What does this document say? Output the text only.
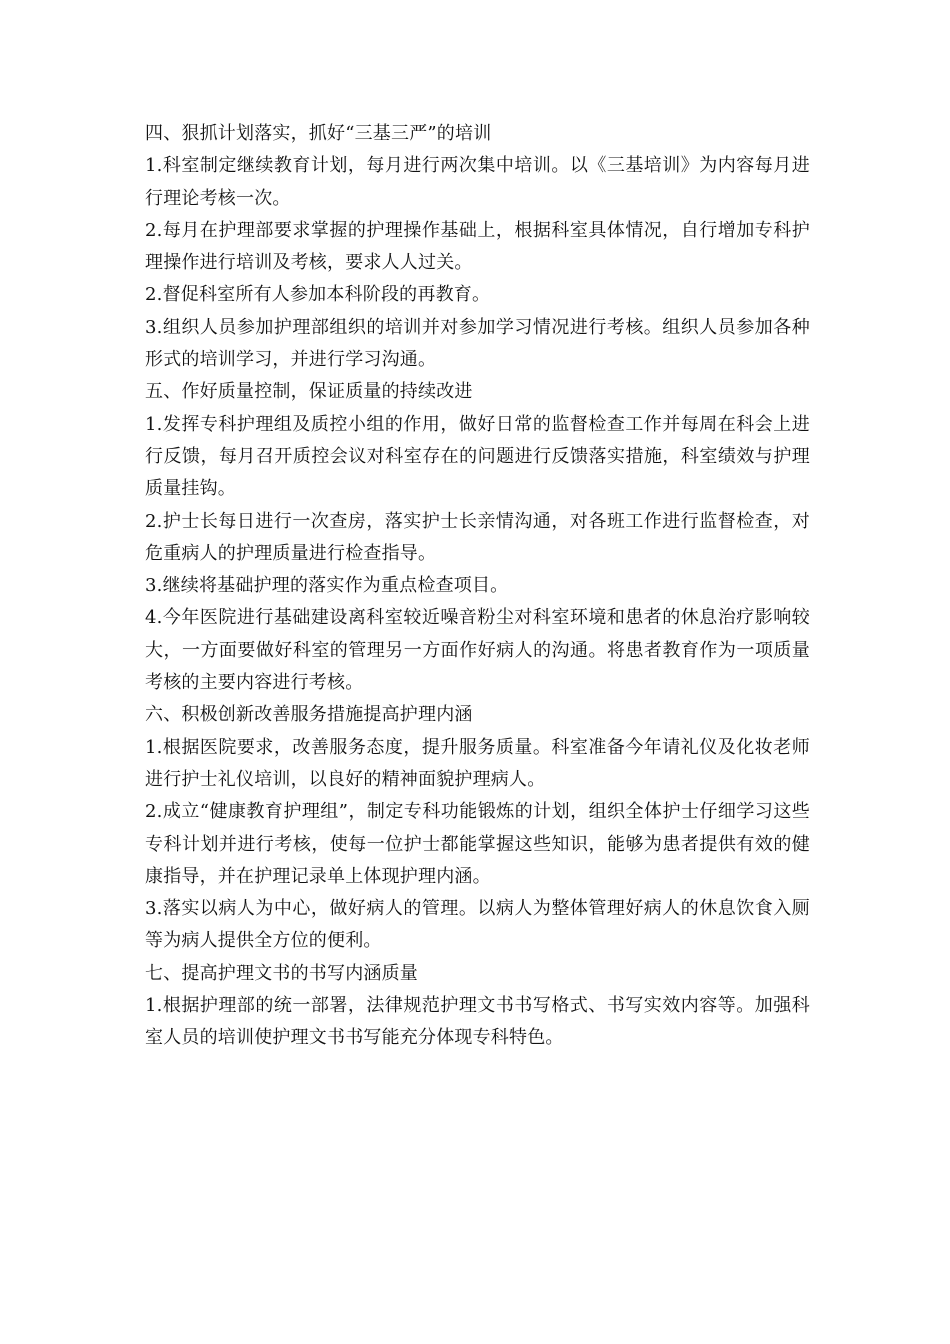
四、狠抓计划落实，抓好“三基三严”的培训

1.科室制定继续教育计划，每月进行两次集中培训。以《三基培训》为内容每月进行理论考核一次。

2.每月在护理部要求掌握的护理操作基础上，根据科室具体情况，自行增加专科护理操作进行培训及考核，要求人人过关。

2.督促科室所有人参加本科阶段的再教育。

3.组织人员参加护理部组织的培训并对参加学习情况进行考核。组织人员参加各种形式的培训学习，并进行学习沟通。

五、作好质量控制，保证质量的持续改进

1.发挥专科护理组及质控小组的作用，做好日常的监督检查工作并每周在科会上进行反馈，每月召开质控会议对科室存在的问题进行反馈落实措施，科室绩效与护理质量挂钩。

2.护士长每日进行一次查房，落实护士长亲情沟通，对各班工作进行监督检查，对危重病人的护理质量进行检查指导。

3.继续将基础护理的落实作为重点检查项目。

4.今年医院进行基础建设离科室较近噪音粉尘对科室环境和患者的休息治疗影响较大，一方面要做好科室的管理另一方面作好病人的沟通。将患者教育作为一项质量考核的主要内容进行考核。

六、积极创新改善服务措施提高护理内涵

1.根据医院要求，改善服务态度，提升服务质量。科室准备今年请礼仪及化妆老师进行护士礼仪培训，以良好的精神面貌护理病人。

2.成立“健康教育护理组”，制定专科功能锻炼的计划，组织全体护士仔细学习这些专科计划并进行考核，使每一位护士都能掌握这些知识，能够为患者提供有效的健康指导，并在护理记录单上体现护理内涵。

3.落实以病人为中心，做好病人的管理。以病人为整体管理好病人的休息饮食入厕等为病人提供全方位的便利。

七、提高护理文书的书写内涵质量

1.根据护理部的统一部署，法律规范护理文书书写格式、书写实效内容等。加强科室人员的培训使护理文书书写能充分体现专科特色。
